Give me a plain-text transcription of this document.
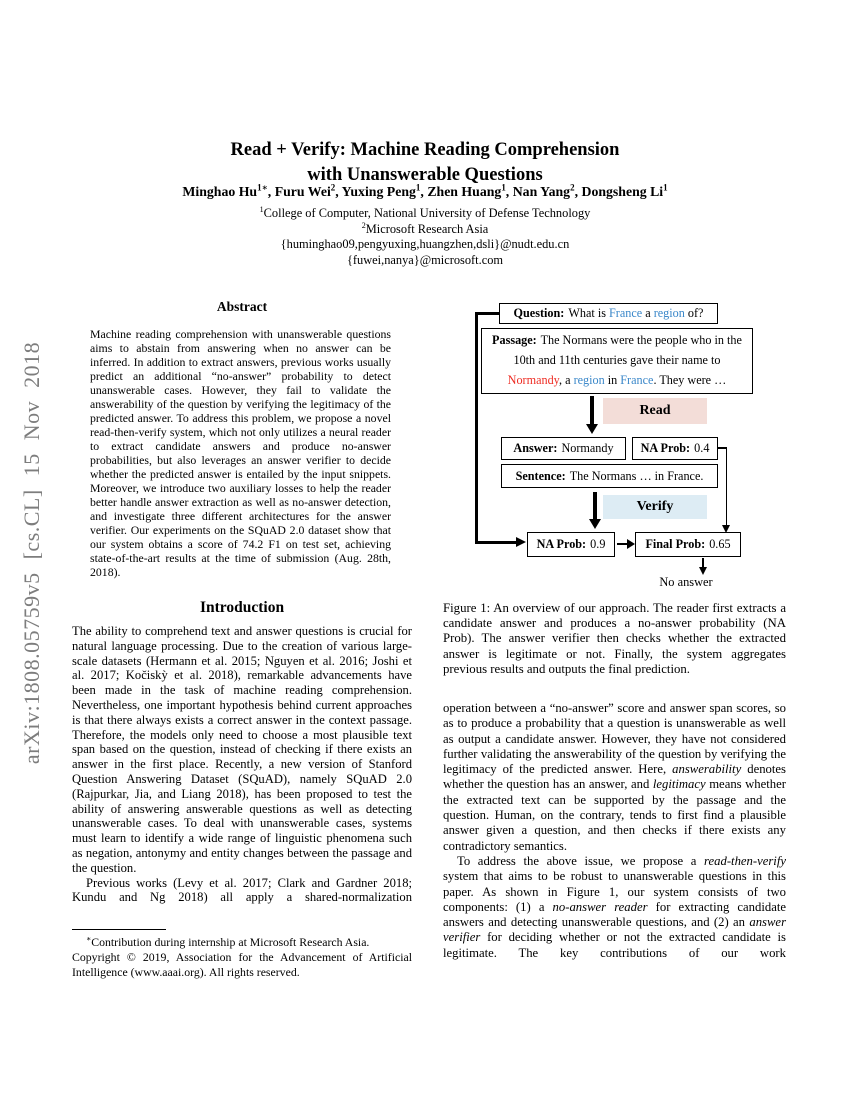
arXiv:1808.05759v5 [cs.CL] 15 Nov 2018
Read + Verify: Machine Reading Comprehension
with Unanswerable Questions
Minghao $Hu^{1∗}$, Furu Wei$^2$, Yuxing Peng$^1$, Zhen Huang$^1$, Nan Yang$^2$, Dongsheng Li$^1$
$^1$College of Computer, National University of Defense Technology
$^2$Microsoft Research Asia
{huminghao09,pengyuxing,huangzhen,dsli}@nudt.edu.cn
{fuwei,nanya}@microsoft.com
Abstract

Machine reading comprehension with unanswerable questions aims to abstain from answering when no answer can be inferred. In addition to extract answers, previous works usually predict an additional “no-answer” probability to detect unanswerable cases. However, they fail to validate the answerability of the question by verifying the legitimacy of the predicted answer. To address this problem, we propose a novel read-then-verify system, which not only utilizes a neural reader to extract candidate answers and produce no-answer probabilities, but also leverages an answer verifier to decide whether the predicted answer is entailed by the input snippets. Moreover, we introduce two auxiliary losses to help the reader better handle answer extraction as well as no-answer detection, and investigate three different architectures for the answer verifier. Our experiments on the SQuAD 2.0 dataset show that our system obtains a score of 74.2 F1 on test set, achieving state-of-the-art results at the time of submission (Aug. 28th, 2018).

Introduction

The ability to comprehend text and answer questions is crucial for natural language processing. Due to the creation of various large-scale datasets (Hermann et al. 2015; Nguyen et al. 2016; Joshi et al. 2017; Kočiskỳ et al. 2018), remarkable advancements have been made in the task of machine reading comprehension. Nevertheless, one important hypothesis behind current approaches is that there always exists a correct answer in the context passage. Therefore, the models only need to choose a most plausible text span based on the question, instead of checking if there exists an answer in the first place. Recently, a new version of Stanford Question Answering Dataset (SQuAD), namely SQuAD 2.0 (Rajpurkar, Jia, and Liang 2018), has been proposed to test the ability of answering answerable questions as well as detecting unanswerable cases. To deal with unanswerable cases, systems must learn to identify a wide range of linguistic phenomena such as negation, antonymy and entity changes between the passage and the question.

Previous works (Levy et al. 2017; Clark and Gardner 2018; Kundu and Ng 2018) all apply a shared-normalization

∗Contribution during internship at Microsoft Research Asia.

Copyright © 2019, Association for the Advancement of Artificial Intelligence (www.aaai.org). All rights reserved.

Question:
What is France a region of?
Passage: The Normans were the people who in the 10th and 11th centuries gave their name to Normandy, a region in France. They were …
Read
Answer:
Normandy NA Prob:
0.4
Sentence:
The Normans … in France.
Verify
NA Prob:
0.9	Final Prob:
0.65
No answer

Figure 1: An overview of our approach. The reader first extracts a candidate answer and produces a no-answer probability (NA Prob). The answer verifier then checks whether the extracted answer is legitimate or not. Finally, the system aggregates previous results and outputs the final prediction.

operation between a “no-answer” score and answer span scores, so as to produce a probability that a question is unanswerable as well as output a candidate answer. However, they have not considered further validating the answerability of the question by verifying the legitimacy of the predicted answer. Here, answerability denotes whether the question has an answer, and legitimacy means whether the extracted text can be supported by the passage and the question. Human, on the contrary, tends to first find a plausible answer given a question, and then checks if there exists any contradictory semantics.

To address the above issue, we propose a read-then-verify system that aims to be robust to unanswerable questions in this paper. As shown in Figure 1, our system consists of two components: (1) a no-answer reader for extracting candidate answers and detecting unanswerable questions, and (2) an answer verifier for deciding whether or not the extracted candidate is legitimate. The key contributions of our work
